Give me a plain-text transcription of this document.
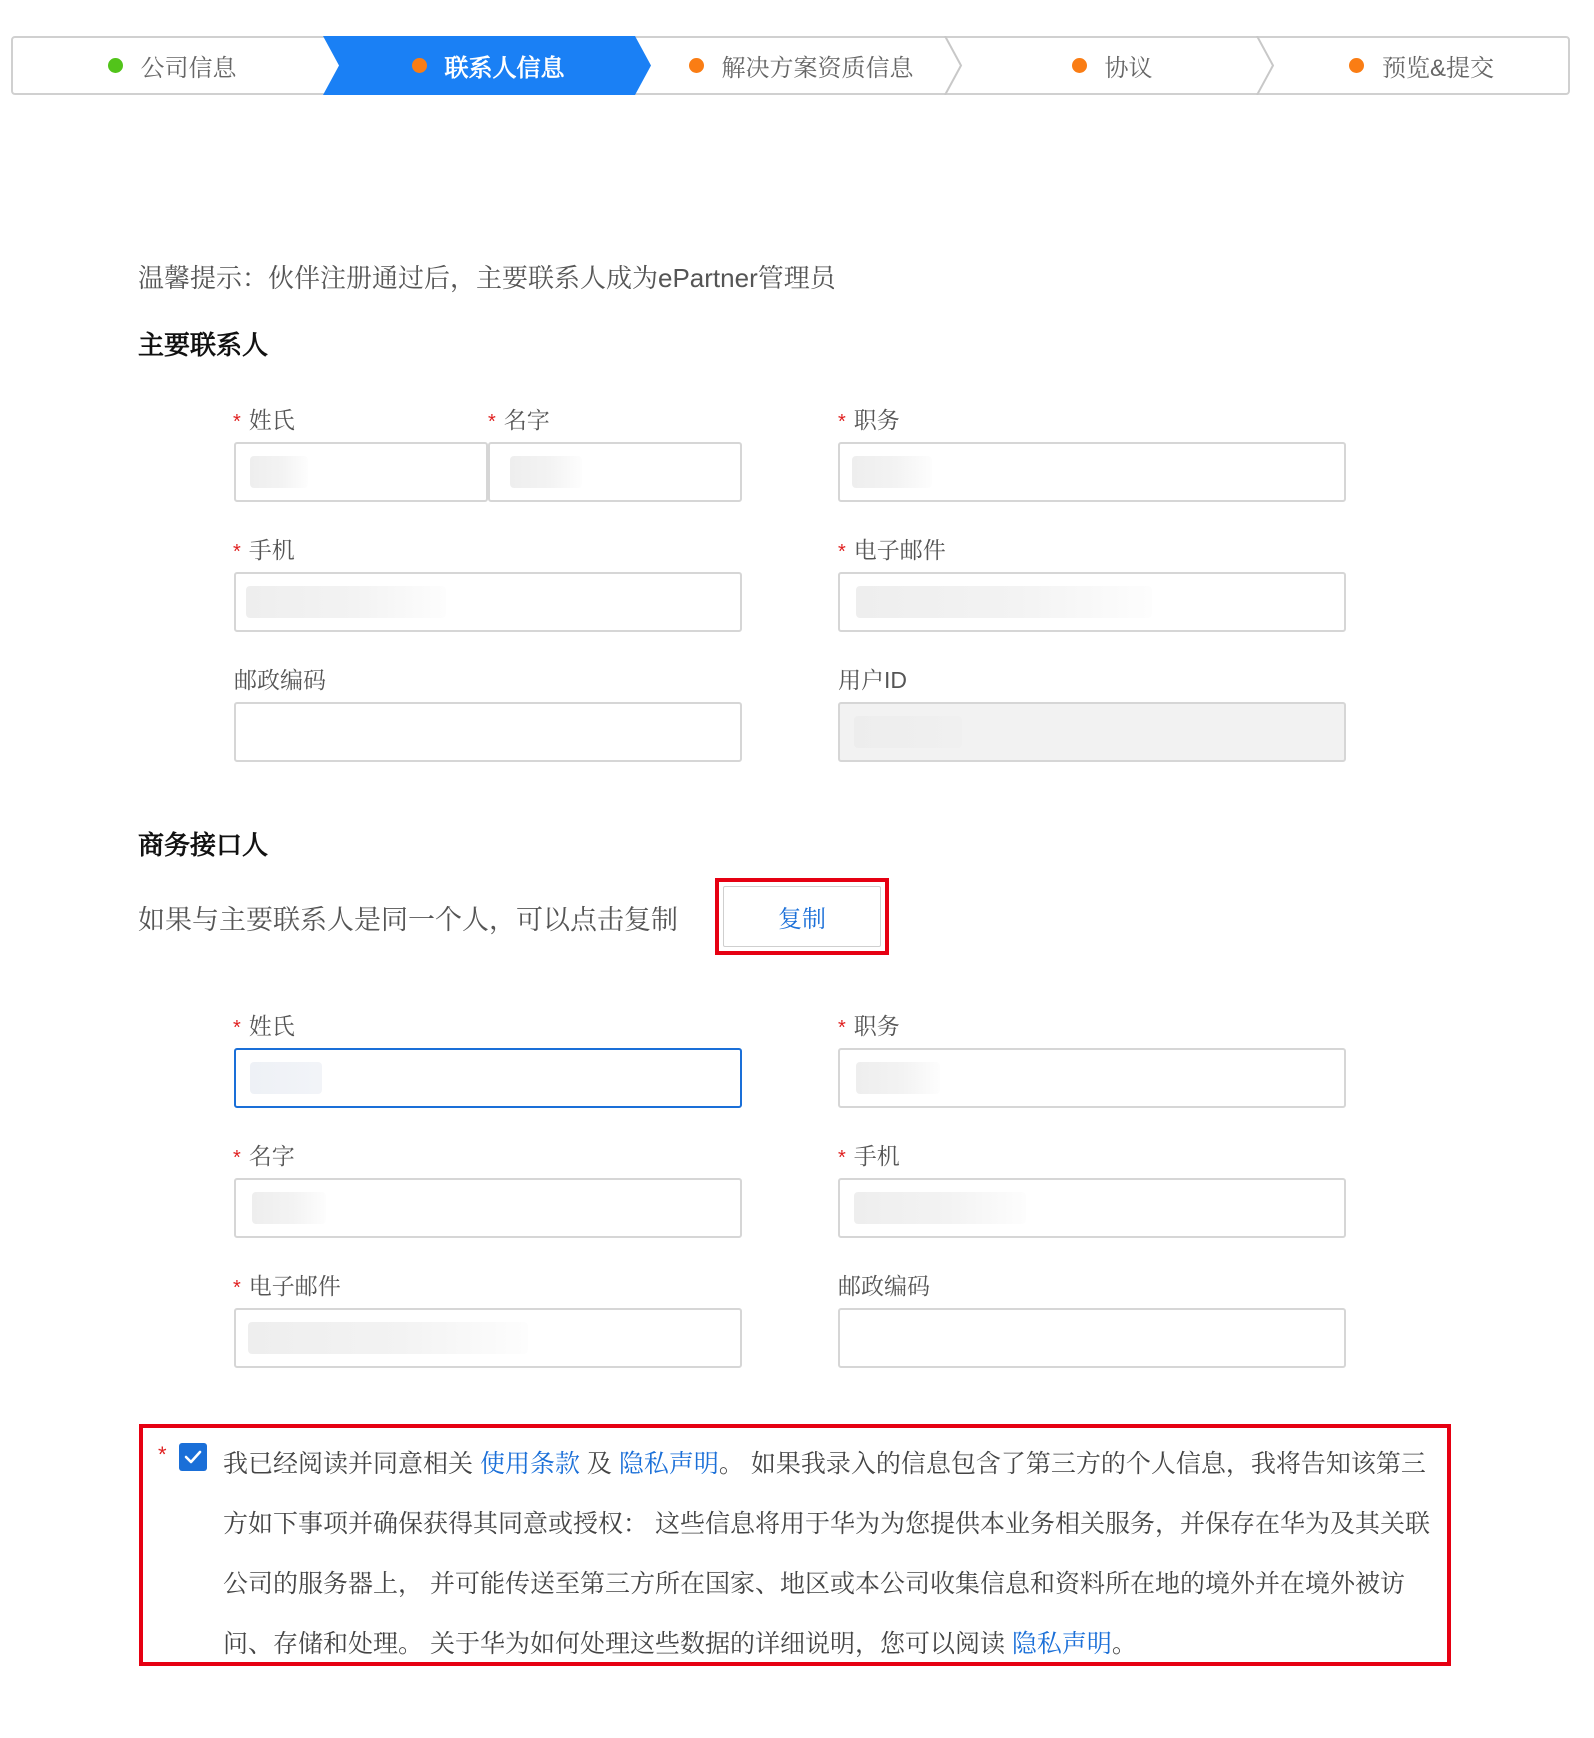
公司信息	联系人信息	解决方案资质信息	协议	预览&提交
温馨提示：伙伴注册通过后，主要联系人成为ePartner管理员
主要联系人
* 姓氏	* 名字	* 职务
* 手机	* 电子邮件
邮政编码	用户ID
商务接口人
如果与主要联系人是同一个人，可以点击复制	复制
* 姓氏	* 职务
* 名字	* 手机
* 电子邮件	邮政编码
* 我已经阅读并同意相关 使用条款 及 隐私声明。 如果我录入的信息包含了第三方的个人信息，我将告知该第三方如下事项并确保获得其同意或授权： 这些信息将用于华为为您提供本业务相关服务，并保存在华为及其关联公司的服务器上， 并可能传送至第三方所在国家、地区或本公司收集信息和资料所在地的境外并在境外被访问、存储和处理。 关于华为如何处理这些数据的详细说明，您可以阅读 隐私声明。
